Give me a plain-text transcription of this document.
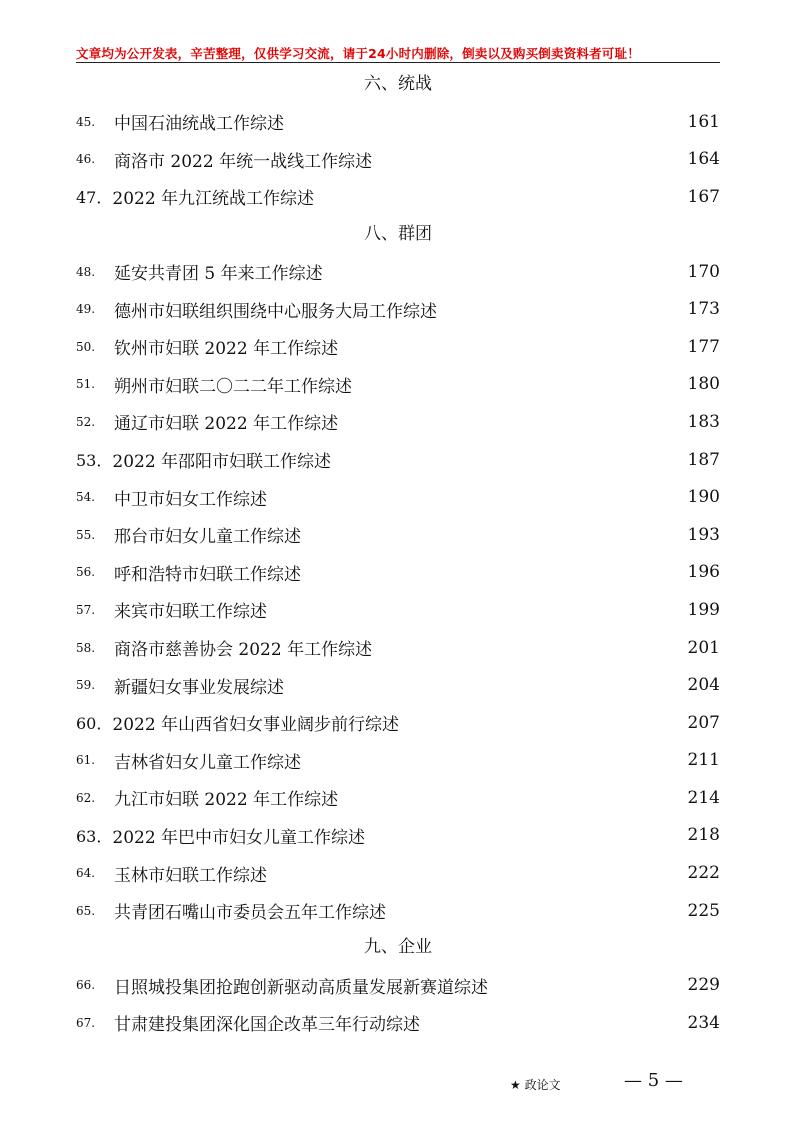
文章均为公开发表，辛苦整理，仅供学习交流，请于24小时内删除，倒卖以及购买倒卖资料者可耻！
六、统战
45.	中国石油统战工作综述	161
46.	商洛市 2022 年统一战线工作综述	164
47． 2022 年九江统战工作综述	167
八、群团
48.	延安共青团 5 年来工作综述	170
49.	德州市妇联组织围绕中心服务大局工作综述	173
50.	钦州市妇联 2022 年工作综述	177
51.	朔州市妇联二〇二二年工作综述	180
52.	通辽市妇联 2022 年工作综述	183
53． 2022 年邵阳市妇联工作综述	187
54.	中卫市妇女工作综述	190
55.	邢台市妇女儿童工作综述	193
56.	呼和浩特市妇联工作综述	196
57.	来宾市妇联工作综述	199
58.	商洛市慈善协会 2022 年工作综述	201
59.	新疆妇女事业发展综述	204
60． 2022 年山西省妇女事业阔步前行综述	207
61.	吉林省妇女儿童工作综述	211
62.	九江市妇联 2022 年工作综述	214
63． 2022 年巴中市妇女儿童工作综述	218
64.	玉林市妇联工作综述	222
65.	共青团石嘴山市委员会五年工作综述	225
九、企业
66.	日照城投集团抢跑创新驱动高质量发展新赛道综述	229
67.	甘肃建投集团深化国企改革三年行动综述	234
★ 政论文	— 5 —
